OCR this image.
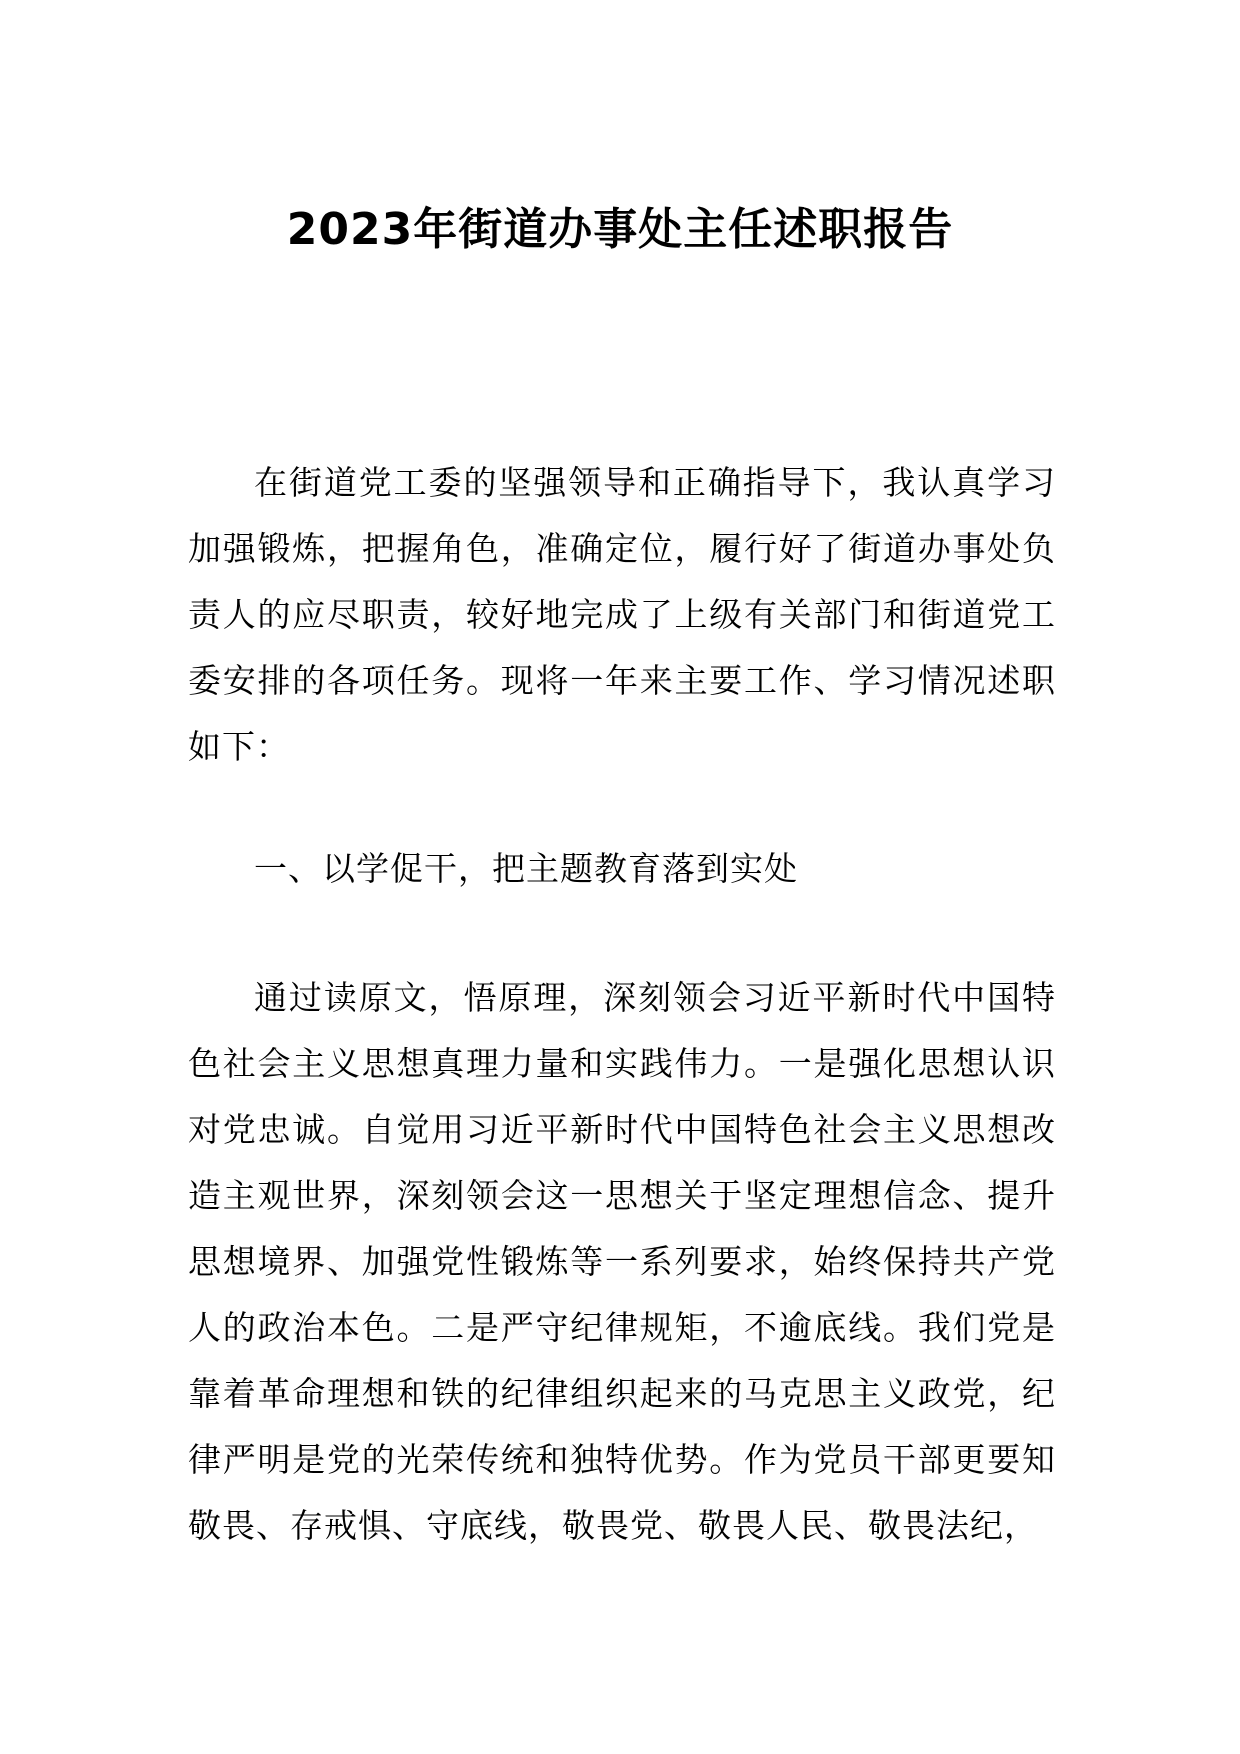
2023年街道办事处主任述职报告

在街道党工委的坚强领导和正确指导下，我认真学习加强锻炼，把握角色，准确定位，履行好了街道办事处负责人的应尽职责，较好地完成了上级有关部门和街道党工委安排的各项任务。现将一年来主要工作、学习情况述职如下：

一、以学促干，把主题教育落到实处

通过读原文，悟原理，深刻领会习近平新时代中国特色社会主义思想真理力量和实践伟力。一是强化思想认识对党忠诚。自觉用习近平新时代中国特色社会主义思想改造主观世界，深刻领会这一思想关于坚定理想信念、提升思想境界、加强党性锻炼等一系列要求，始终保持共产党人的政治本色。二是严守纪律规矩，不逾底线。我们党是靠着革命理想和铁的纪律组织起来的马克思主义政党，纪律严明是党的光荣传统和独特优势。作为党员干部更要知敬畏、存戒惧、守底线，敬畏党、敬畏人民、敬畏法纪，
